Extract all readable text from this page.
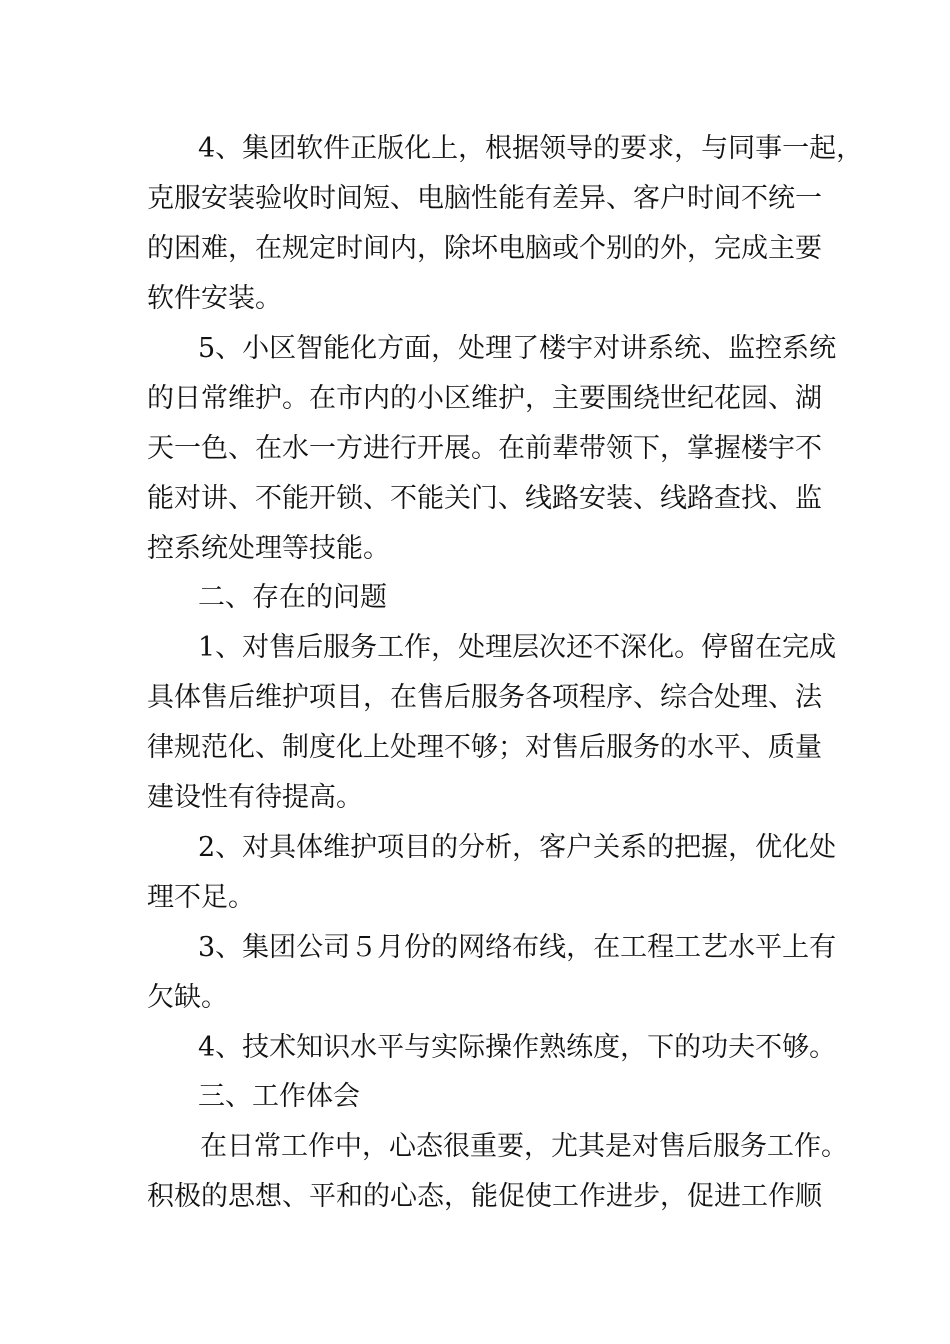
4、集团软件正版化上，根据领导的要求，与同事一起，

克服安装验收时间短、电脑性能有差异、客户时间不统一

的困难，在规定时间内，除坏电脑或个别的外，完成主要

软件安装。

5、小区智能化方面，处理了楼宇对讲系统、监控系统

的日常维护。在市内的小区维护，主要围绕世纪花园、湖

天一色、在水一方进行开展。在前辈带领下，掌握楼宇不

能对讲、不能开锁、不能关门、线路安装、线路查找、监

控系统处理等技能。

二、存在的问题

1、对售后服务工作，处理层次还不深化。停留在完成

具体售后维护项目，在售后服务各项程序、综合处理、法

律规范化、制度化上处理不够；对售后服务的水平、质量

建设性有待提高。

2、对具体维护项目的分析，客户关系的把握，优化处

理不足。

3、集团公司５月份的网络布线，在工程工艺水平上有

欠缺。

4、技术知识水平与实际操作熟练度，下的功夫不够。

三、工作体会

在日常工作中，心态很重要，尤其是对售后服务工作。

积极的思想、平和的心态，能促使工作进步，促进工作顺
